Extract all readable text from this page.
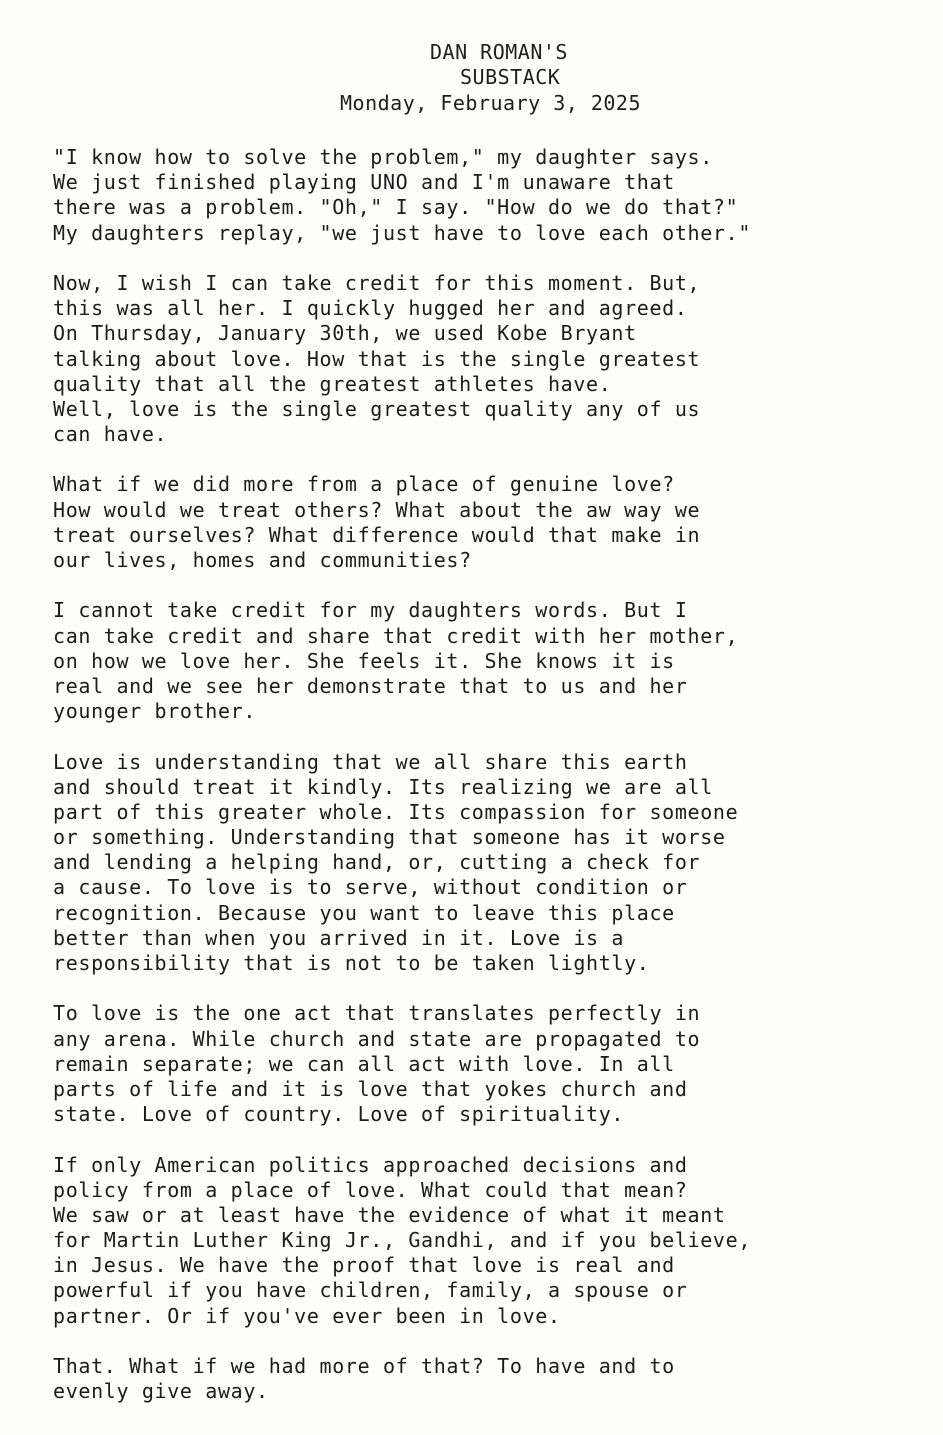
DAN ROMAN'S
SUBSTACK
Monday, February 3, 2025
"I know how to solve the problem," my daughter says.
We just finished playing UNO and I'm unaware that
there was a problem. "Oh," I say. "How do we do that?"
My daughters replay, "we just have to love each other."
Now, I wish I can take credit for this moment. But,
this was all her. I quickly hugged her and agreed.
On Thursday, January 30th, we used Kobe Bryant
talking about love. How that is the single greatest
quality that all the greatest athletes have.
Well, love is the single greatest quality any of us
can have.
What if we did more from a place of genuine love?
How would we treat others? What about the aw way we
treat ourselves? What difference would that make in
our lives, homes and communities?
I cannot take credit for my daughters words. But I
can take credit and share that credit with her mother,
on how we love her. She feels it. She knows it is
real and we see her demonstrate that to us and her
younger brother.
Love is understanding that we all share this earth
and should treat it kindly. Its realizing we are all
part of this greater whole. Its compassion for someone
or something. Understanding that someone has it worse
and lending a helping hand, or, cutting a check for
a cause. To love is to serve, without condition or
recognition. Because you want to leave this place
better than when you arrived in it. Love is a
responsibility that is not to be taken lightly.
To love is the one act that translates perfectly in
any arena. While church and state are propagated to
remain separate; we can all act with love. In all
parts of life and it is love that yokes church and
state. Love of country. Love of spirituality.
If only American politics approached decisions and
policy from a place of love. What could that mean?
We saw or at least have the evidence of what it meant
for Martin Luther King Jr., Gandhi, and if you believe,
in Jesus. We have the proof that love is real and
powerful if you have children, family, a spouse or
partner. Or if you've ever been in love.
That. What if we had more of that? To have and to
evenly give away.
